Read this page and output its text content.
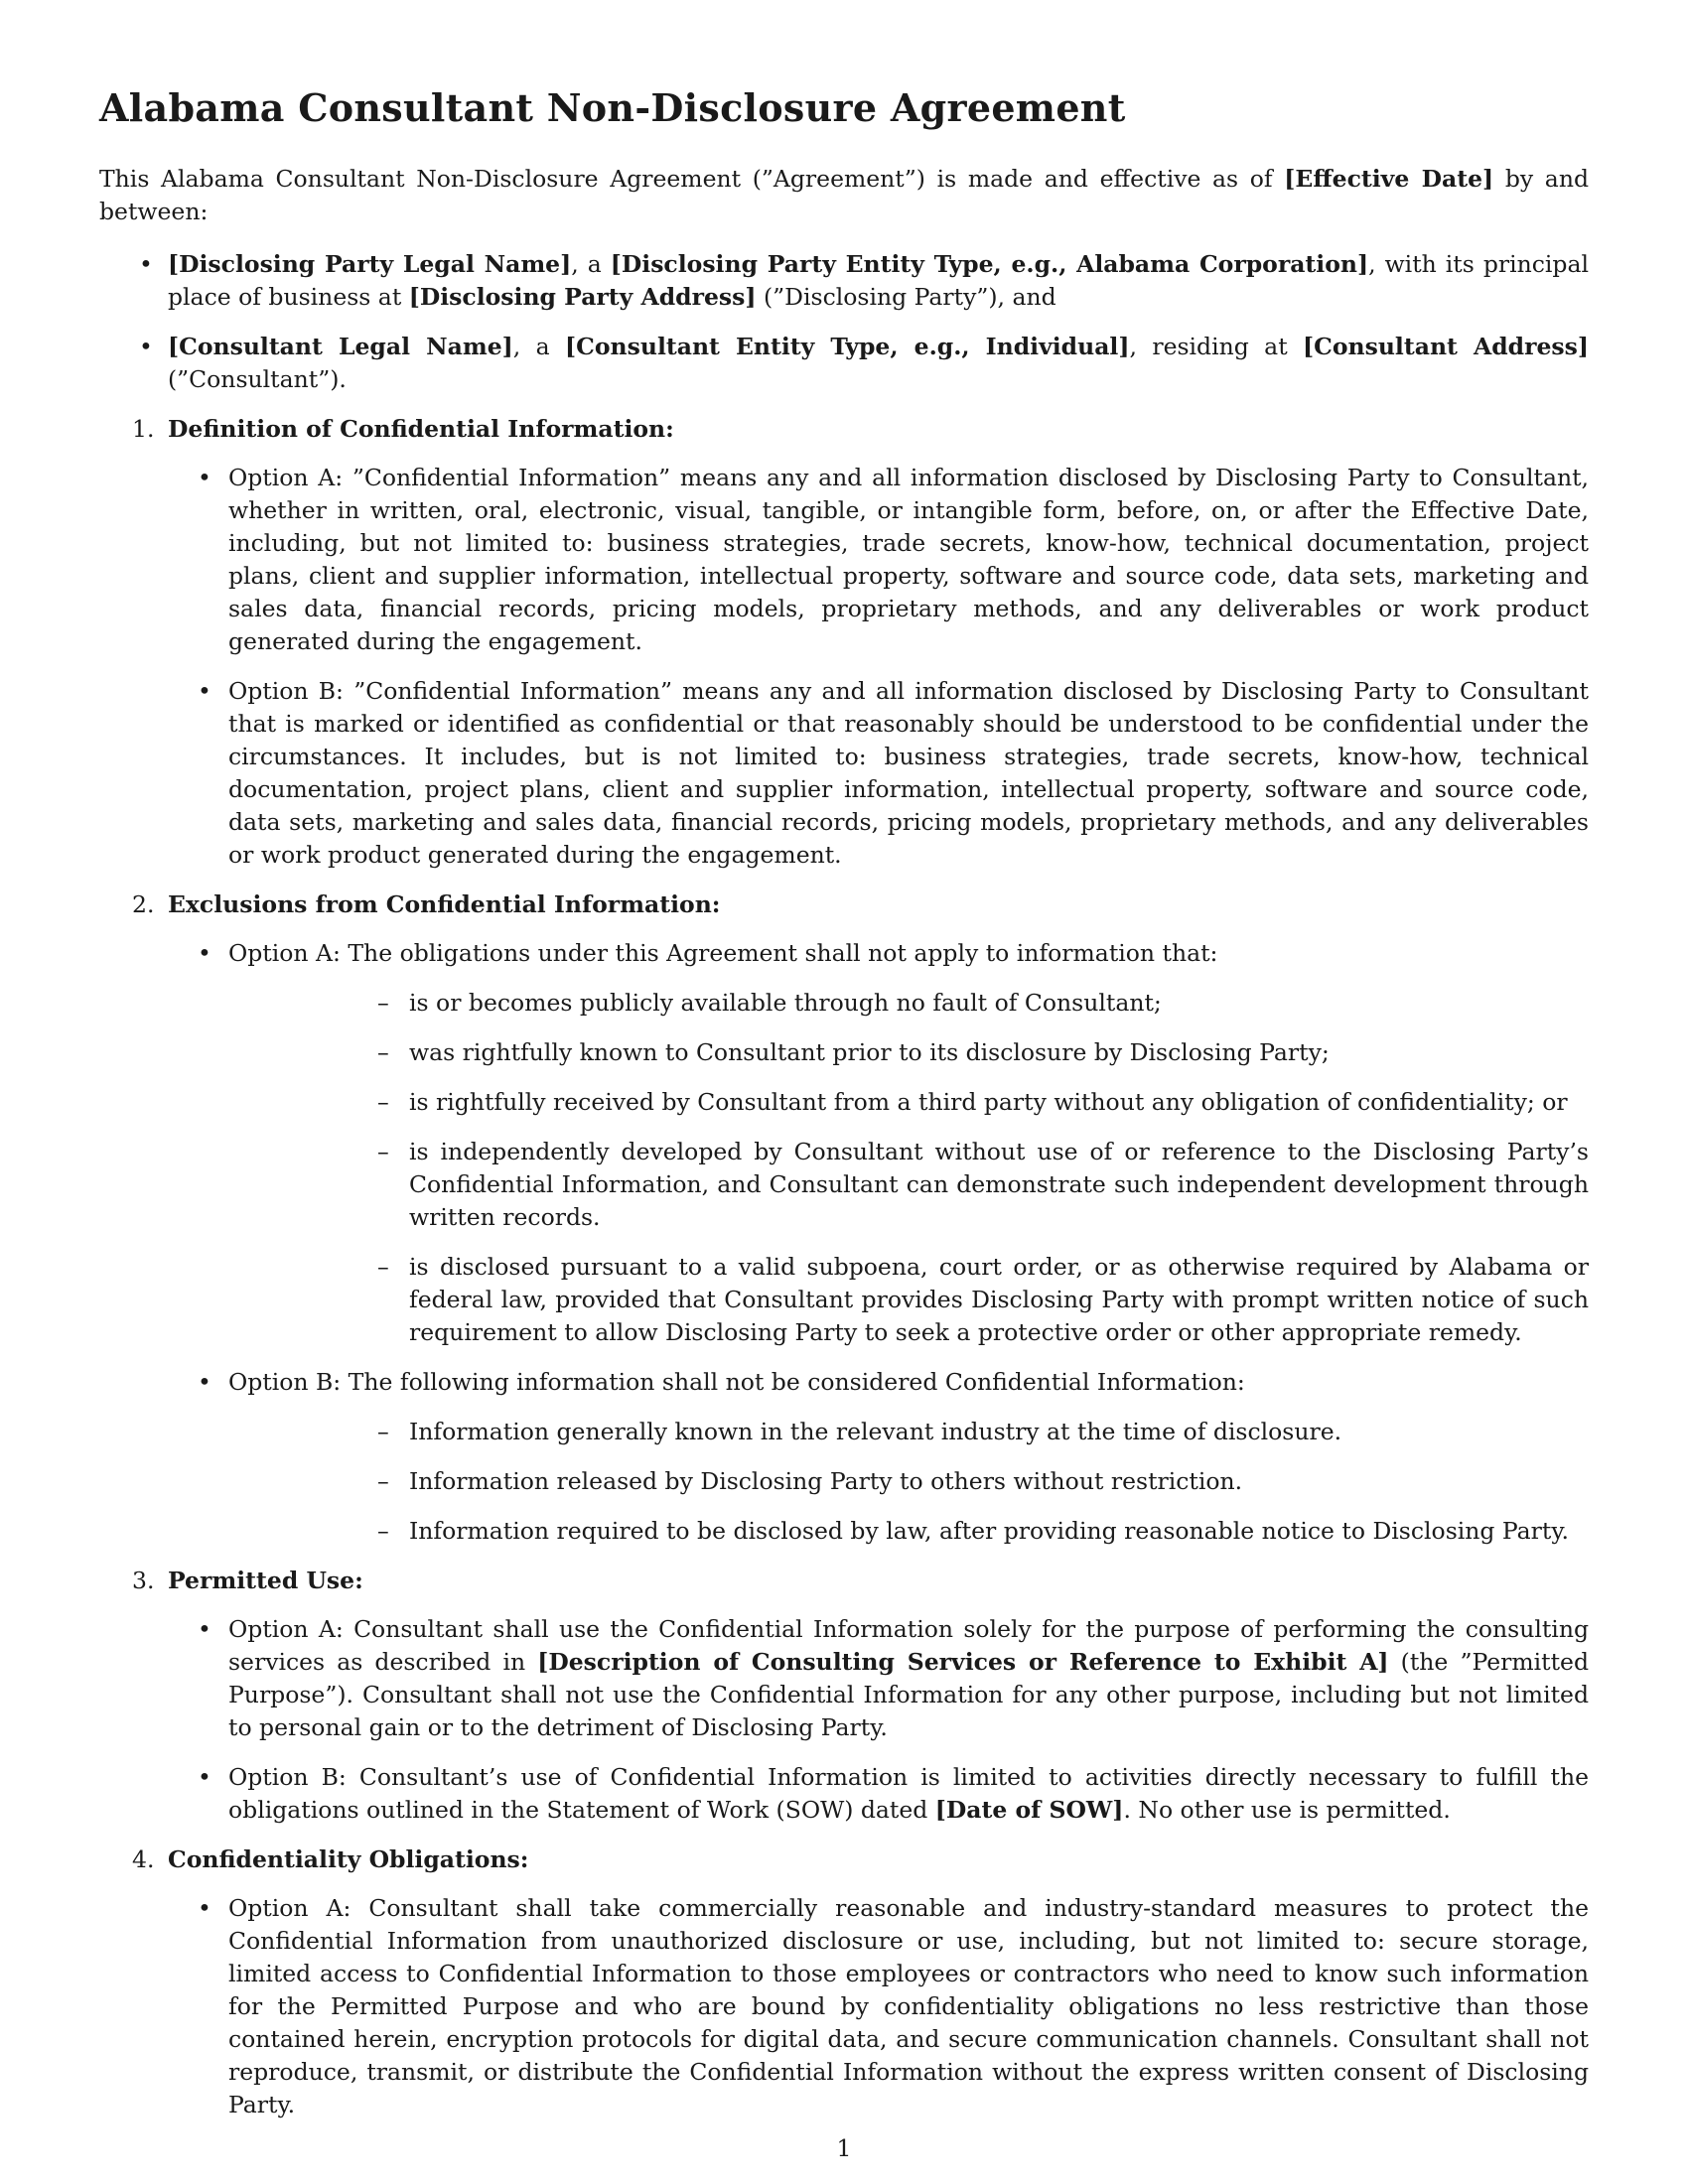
Alabama Consultant Non-Disclosure Agreement

This Alabama Consultant Non-Disclosure Agreement (”Agreement”) is made and effective as of [Effective Date] by and between:

• [Disclosing Party Legal Name], a [Disclosing Party Entity Type, e.g., Alabama Corporation], with its principal place of business at [Disclosing Party Address] (”Disclosing Party”), and
• [Consultant Legal Name], a [Consultant Entity Type, e.g., Individual], residing at [Consultant Address] (”Consultant”).
1. Definition of Confidential Information:
• Option A: ”Confidential Information” means any and all information disclosed by Disclosing Party to Consultant, whether in written, oral, electronic, visual, tangible, or intangible form, before, on, or after the Effective Date, including, but not limited to: business strategies, trade secrets, know-how, technical documentation, project plans, client and supplier information, intellectual property, software and source code, data sets, marketing and sales data, financial records, pricing models, proprietary methods, and any deliverables or work product generated during the engagement.
• Option B: ”Confidential Information” means any and all information disclosed by Disclosing Party to Consultant that is marked or identified as confidential or that reasonably should be understood to be confidential under the circumstances. It includes, but is not limited to: business strategies, trade secrets, know-how, technical documentation, project plans, client and supplier information, intellectual property, software and source code, data sets, marketing and sales data, financial records, pricing models, proprietary methods, and any deliverables or work product generated during the engagement.
2. Exclusions from Confidential Information:
• Option A: The obligations under this Agreement shall not apply to information that:
– is or becomes publicly available through no fault of Consultant;
– was rightfully known to Consultant prior to its disclosure by Disclosing Party;
– is rightfully received by Consultant from a third party without any obligation of confidentiality; or
– is independently developed by Consultant without use of or reference to the Disclosing Party’s Confidential Information, and Consultant can demonstrate such independent development through written records.
– is disclosed pursuant to a valid subpoena, court order, or as otherwise required by Alabama or federal law, provided that Consultant provides Disclosing Party with prompt written notice of such requirement to allow Disclosing Party to seek a protective order or other appropriate remedy.
• Option B: The following information shall not be considered Confidential Information:
– Information generally known in the relevant industry at the time of disclosure.
– Information released by Disclosing Party to others without restriction.
– Information required to be disclosed by law, after providing reasonable notice to Disclosing Party.
3. Permitted Use:
• Option A: Consultant shall use the Confidential Information solely for the purpose of performing the consulting services as described in [Description of Consulting Services or Reference to Exhibit A] (the ”Permitted Purpose”). Consultant shall not use the Confidential Information for any other purpose, including but not limited to personal gain or to the detriment of Disclosing Party.
• Option B: Consultant’s use of Confidential Information is limited to activities directly necessary to fulfill the obligations outlined in the Statement of Work (SOW) dated [Date of SOW]. No other use is permitted.
4. Confidentiality Obligations:
• Option A: Consultant shall take commercially reasonable and industry-standard measures to protect the Confidential Information from unauthorized disclosure or use, including, but not limited to: secure storage, limited access to Confidential Information to those employees or contractors who need to know such information for the Permitted Purpose and who are bound by confidentiality obligations no less restrictive than those contained herein, encryption protocols for digital data, and secure communication channels. Consultant shall not reproduce, transmit, or distribute the Confidential Information without the express written consent of Disclosing Party.
1
